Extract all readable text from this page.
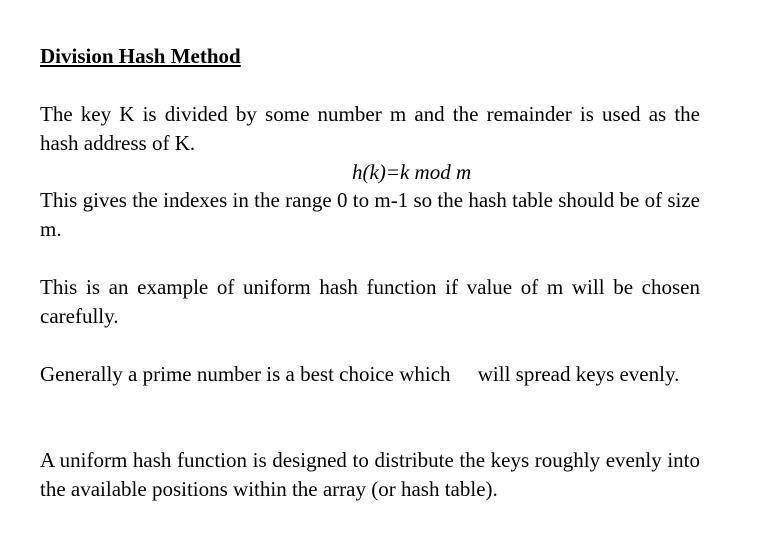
Division Hash Method
The key K is divided by some number m and the remainder is used as the hash address of K.
h(k)=k mod m
This gives the indexes in the range 0 to m-1 so the hash table should be of size m.
This is an example of uniform hash function if value of m will be chosen carefully.
Generally a prime number is a best choice which will spread keys evenly.
A uniform hash function is designed to distribute the keys roughly evenly into the available positions within the array (or hash table).
